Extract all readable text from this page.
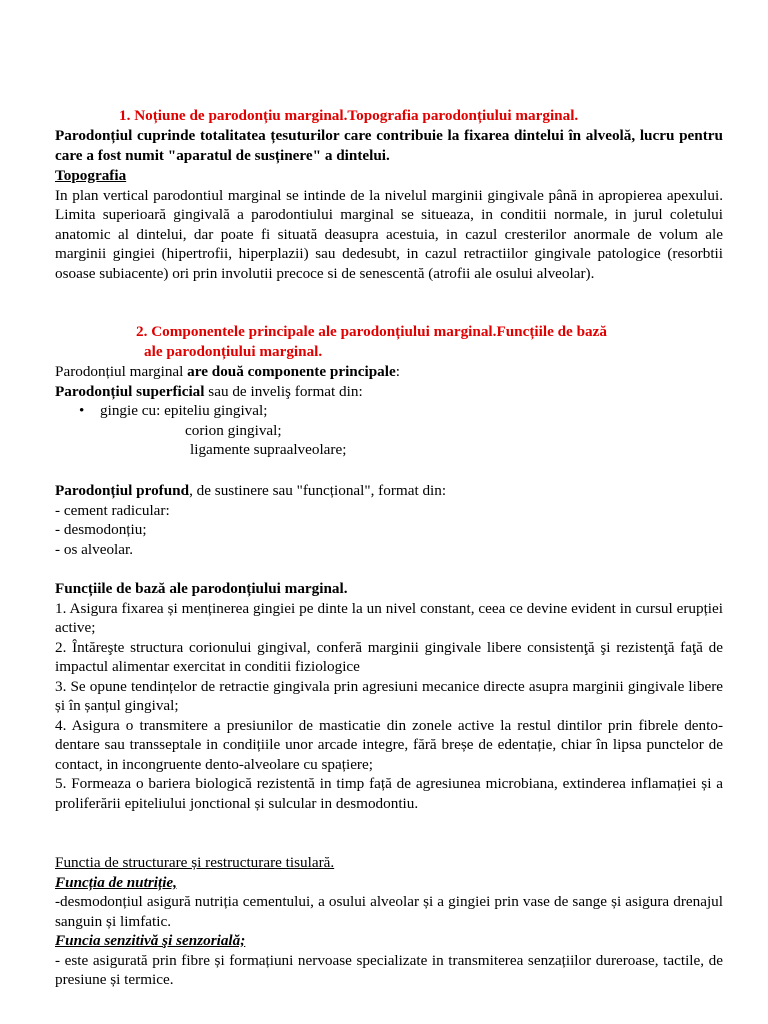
1. Noțiune de parodonțiu marginal.Topografia parodonțiului marginal.

Parodonțiul cuprinde totalitatea țesuturilor care contribuie la fixarea dintelui în alveolă, lucru pentru care a fost numit "aparatul de susținere" a dintelui.

Topografia

In plan vertical parodontiul marginal se intinde de la nivelul marginii gingivale până in apropierea apexului. Limita superioară gingivală a parodontiului marginal se situeaza, in conditii normale, in jurul coletului anatomic al dintelui, dar poate fi situată deasupra acestuia, in cazul cresterilor anormale de volum ale marginii gingiei (hipertrofii, hiperplazii) sau dedesubt, in cazul retractiilor gingivale patologice (resorbtii osoase subiacente) ori prin involutii precoce si de senescentă (atrofii ale osului alveolar).

2. Componentele principale ale parodonțiului marginal.Funcțiile de bază

ale parodonțiului marginal.

Parodonțiul marginal are două componente principale:

Parodonțiul superficial sau de inveliş format din:

• gingie cu: epiteliu gingival;

corion gingival;

ligamente supraalveolare;

Parodonțiul profund, de sustinere sau "funcțional", format din:

- cement radicular:

- desmodonțiu;

- os alveolar.

Funcțiile de bază ale parodonțiului marginal.

1. Asigura fixarea și menținerea gingiei pe dinte la un nivel constant, ceea ce devine evident in cursul erupției active;

2. Întăreşte structura corionului gingival, conferă marginii gingivale libere consistenţă şi rezistenţă faţă de impactul alimentar exercitat in conditii fiziologice

3. Se opune tendințelor de retractie gingivala prin agresiuni mecanice directe asupra marginii gingivale libere și în șanțul gingival;

4. Asigura o transmitere a presiunilor de masticatie din zonele active la restul dintilor prin fibrele dento-dentare sau transseptale in condițiile unor arcade integre, fără breșe de edentație, chiar în lipsa punctelor de contact, in incongruente dento-alveolare cu spațiere;

5. Formeaza o bariera biologică rezistentă in timp față de agresiunea microbiana, extinderea inflamației și a proliferării epiteliului jonctional și sulcular in desmodontiu.

Functia de structurare și restructurare tisulară.

Funcția de nutriție,

-desmodonțiul asigură nutriția cementului, a osului alveolar și a gingiei prin vase de sange și asigura drenajul sanguin și limfatic.

Funcia senzitivă şi senzorială;

- este asigurată prin fibre și formațiuni nervoase specializate in transmiterea senzațiilor dureroase, tactile, de presiune și termice.
